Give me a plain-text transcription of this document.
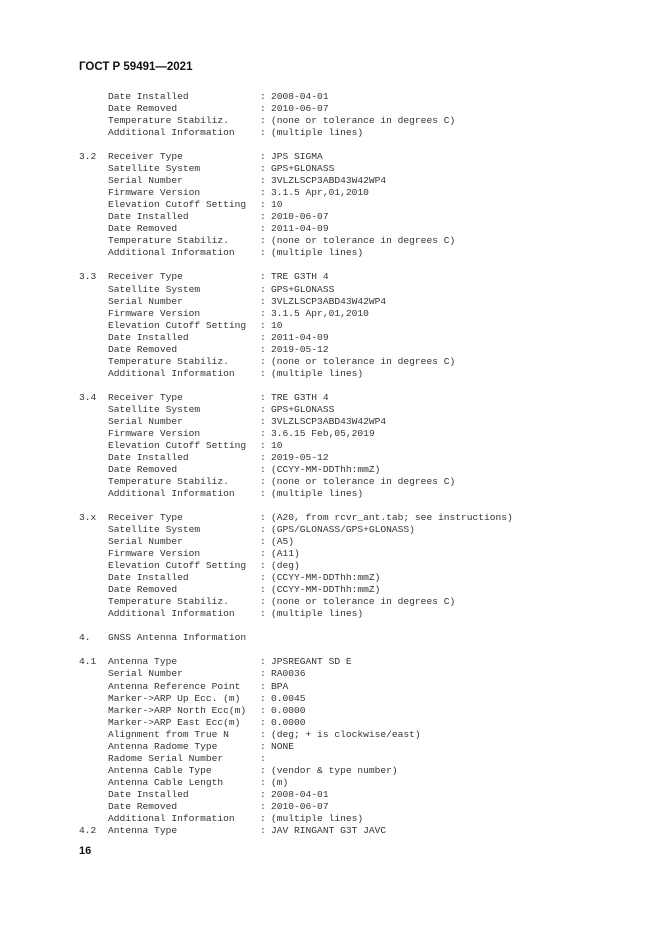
ГОСТ Р 59491—2021
Date Installed	: 2008-04-01
Date Removed	: 2010-06-07
Temperature Stabiliz.	: (none or tolerance in degrees C)
Additional Information	: (multiple lines)
3.2 Receiver Type	: JPS SIGMA
Satellite System	: GPS+GLONASS
Serial Number	: 3VLZLSCP3ABD43W42WP4
Firmware Version	: 3.1.5 Apr,01,2010
Elevation Cutoff Setting : 10
Date Installed	: 2010-06-07
Date Removed	: 2011-04-09
Temperature Stabiliz.	: (none or tolerance in degrees C)
Additional Information	: (multiple lines)
3.3 Receiver Type	: TRE G3TH 4
Satellite System	: GPS+GLONASS
Serial Number	: 3VLZLSCP3ABD43W42WP4
Firmware Version	: 3.1.5 Apr,01,2010
Elevation Cutoff Setting : 10
Date Installed	: 2011-04-09
Date Removed	: 2019-05-12
Temperature Stabiliz.	: (none or tolerance in degrees C)
Additional Information	: (multiple lines)
3.4 Receiver Type	: TRE G3TH 4
Satellite System	: GPS+GLONASS
Serial Number	: 3VLZLSCP3ABD43W42WP4
Firmware Version	: 3.6.15 Feb,05,2019
Elevation Cutoff Setting : 10
Date Installed	: 2019-05-12
Date Removed	: (CCYY-MM-DDThh:mmZ)
Temperature Stabiliz.	: (none or tolerance in degrees C)
Additional Information	: (multiple lines)
3.x Receiver Type	: (A20, from rcvr_ant.tab; see instructions)
Satellite System	: (GPS/GLONASS/GPS+GLONASS)
Serial Number	: (A5)
Firmware Version	: (A11)
Elevation Cutoff Setting : (deg)
Date Installed	: (CCYY-MM-DDThh:mmZ)
Date Removed	: (CCYY-MM-DDThh:mmZ)
Temperature Stabiliz.	: (none or tolerance in degrees C)
Additional Information	: (multiple lines)
4. GNSS Antenna Information
4.1 Antenna Type	: JPSREGANT SD E
Serial Number	: RA0036
Antenna Reference Point : BPA
Marker->ARP Up Ecc. (m) : 0.0045
Marker->ARP North Ecc(m) : 0.0000
Marker->ARP East Ecc(m) : 0.0000
Alignment from True N	: (deg; + is clockwise/east)
Antenna Radome Type	: NONE
Radome Serial Number	:
Antenna Cable Type	: (vendor & type number)
Antenna Cable Length	: (m)
Date Installed	: 2008-04-01
Date Removed	: 2010-06-07
Additional Information	: (multiple lines)
4.2 Antenna Type	: JAV RINGANT G3T JAVC
16
